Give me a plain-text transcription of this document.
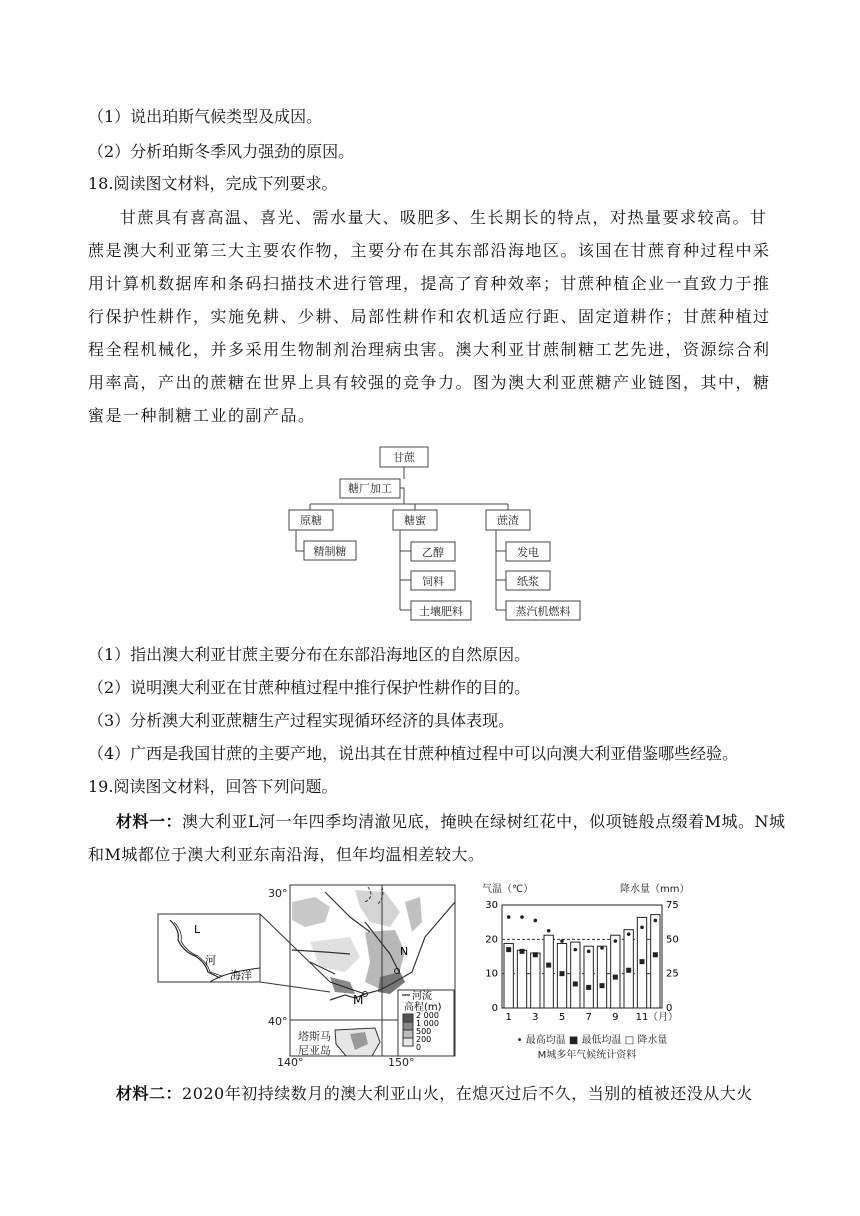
（1）说出珀斯气候类型及成因。
（2）分析珀斯冬季风力强劲的原因。
18.阅读图文材料，完成下列要求。
甘蔗具有喜高温、喜光、需水量大、吸肥多、生长期长的特点，对热量要求较高。甘蔗是澳大利亚第三大主要农作物，主要分布在其东部沿海地区。该国在甘蔗育种过程中采用计算机数据库和条码扫描技术进行管理，提高了育种效率；甘蔗种植企业一直致力于推行保护性耕作，实施免耕、少耕、局部性耕作和农机适应行距、固定道耕作；甘蔗种植过程全程机械化，并多采用生物制剂治理病虫害。澳大利亚甘蔗制糖工艺先进，资源综合利用率高，产出的蔗糖在世界上具有较强的竞争力。图为澳大利亚蔗糖产业链图，其中，糖蜜是一种制糖工业的副产品。
甘蔗
糖厂加工
原糖	糖蜜	蔗渣
精制糖	乙醇
饲料
土壤肥料
发电
纸浆
蒸汽机燃料
（1）指出澳大利亚甘蔗主要分布在东部沿海地区的自然原因。
（2）说明澳大利亚在甘蔗种植过程中推行保护性耕作的目的。
（3）分析澳大利亚蔗糖生产过程实现循环经济的具体表现。
（4）广西是我国甘蔗的主要产地，说出其在甘蔗种植过程中可以向澳大利亚借鉴哪些经验。
19.阅读图文材料，回答下列问题。
材料一：澳大利亚L河一年四季均清澈见底，掩映在绿树红花中，似项链般点缀着M城。N城和M城都位于澳大利亚东南沿海，但年均温相差较大。
30°
40°
140°	150°
塔斯马
尼亚岛
N
M
L
河
海洋
河流
高程(m)
2 000
1 000
500
200
0
气温（℃）	降水量（mm）
（月）
• 最高均温 ■ 最低均温 □ 降水量
M城多年气候统计资料
0
10
20
30
0
25
50
75
1 3 5 7 9 11
材料二：2020年初持续数月的澳大利亚山火，在熄灭过后不久，当别的植被还没从大火
